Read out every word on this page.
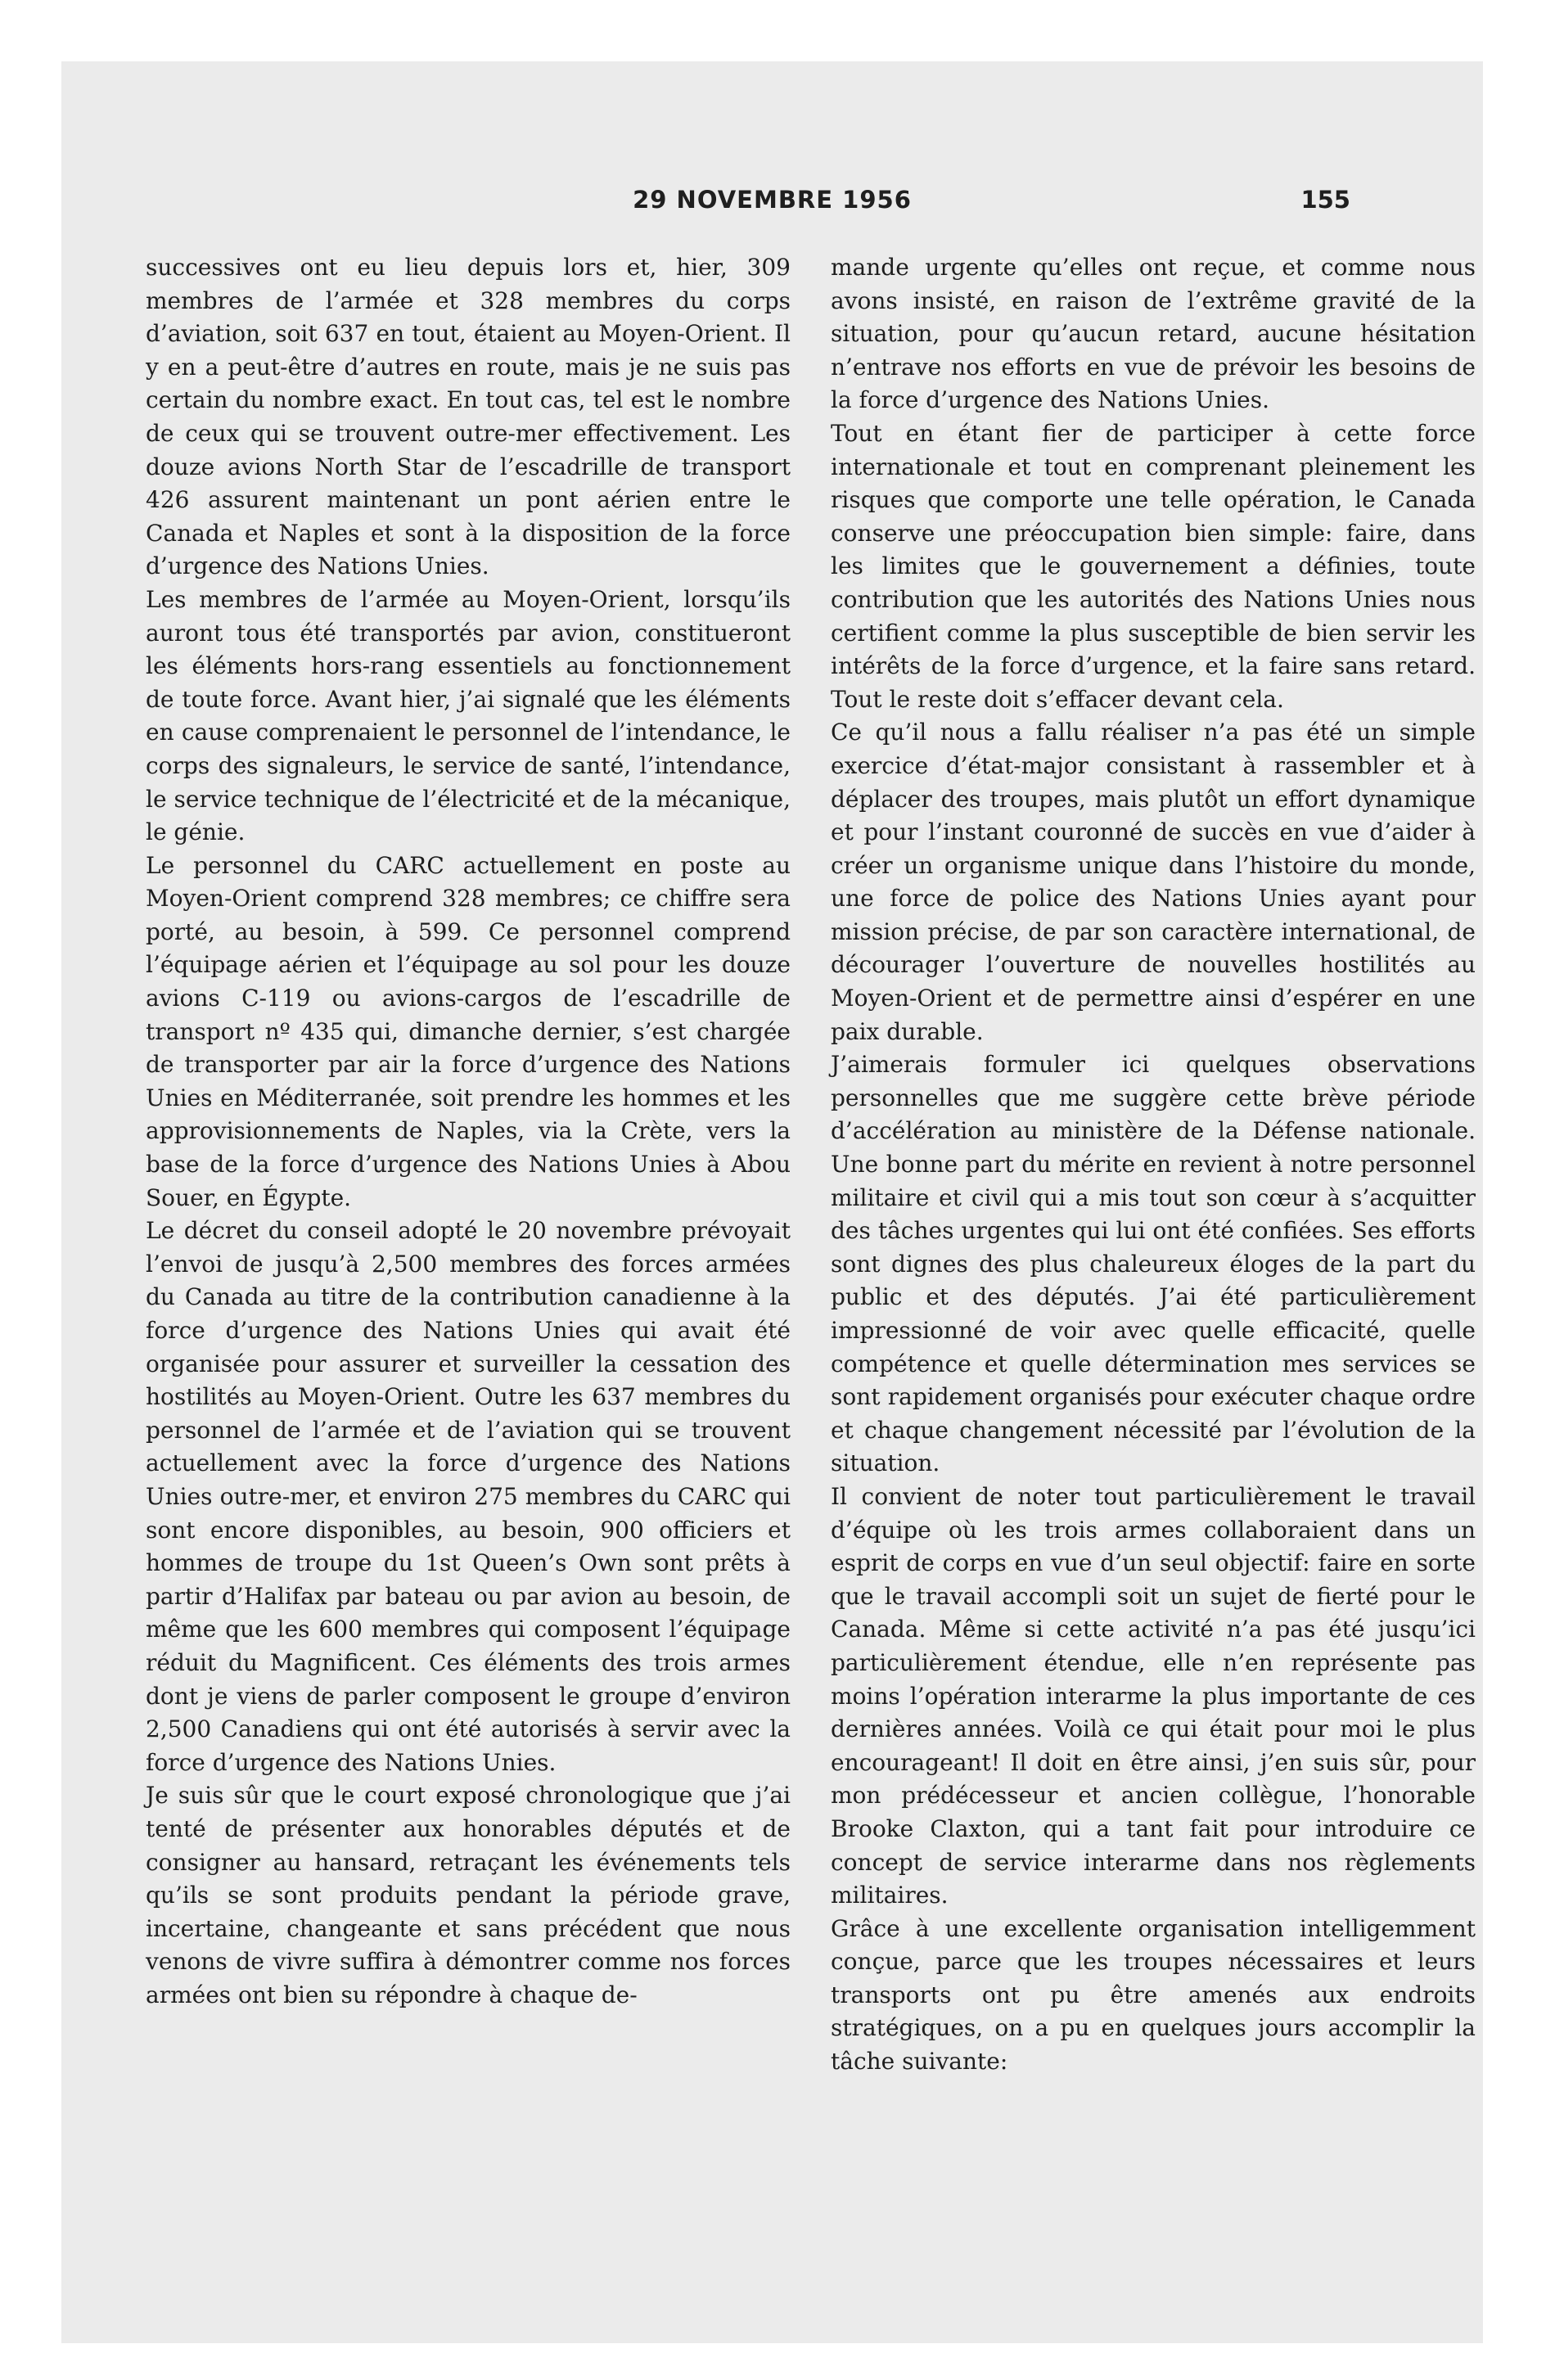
29 NOVEMBRE 1956	155

successives ont eu lieu depuis lors et, hier, 309 membres de l’armée et 328 membres du corps d’aviation, soit 637 en tout, étaient au Moyen-Orient. Il y en a peut-être d’autres en route, mais je ne suis pas certain du nombre exact. En tout cas, tel est le nombre de ceux qui se trouvent outre-mer effectivement. Les douze avions North Star de l’escadrille de transport 426 assurent maintenant un pont aérien entre le Canada et Naples et sont à la disposition de la force d’urgence des Nations Unies.

Les membres de l’armée au Moyen-Orient, lorsqu’ils auront tous été transportés par avion, constitueront les éléments hors-rang essentiels au fonctionnement de toute force. Avant hier, j’ai signalé que les éléments en cause comprenaient le personnel de l’intendance, le corps des signaleurs, le service de santé, l’intendance, le service technique de l’électricité et de la mécanique, le génie.

Le personnel du CARC actuellement en poste au Moyen-Orient comprend 328 membres; ce chiffre sera porté, au besoin, à 599. Ce personnel comprend l’équipage aérien et l’équipage au sol pour les douze avions C-119 ou avions-cargos de l’escadrille de transport nº 435 qui, dimanche dernier, s’est chargée de transporter par air la force d’urgence des Nations Unies en Méditerranée, soit prendre les hommes et les approvisionnements de Naples, via la Crète, vers la base de la force d’urgence des Nations Unies à Abou Souer, en Égypte.

Le décret du conseil adopté le 20 novembre prévoyait l’envoi de jusqu’à 2,500 membres des forces armées du Canada au titre de la contribution canadienne à la force d’urgence des Nations Unies qui avait été organisée pour assurer et surveiller la cessation des hostilités au Moyen-Orient. Outre les 637 membres du personnel de l’armée et de l’aviation qui se trouvent actuellement avec la force d’urgence des Nations Unies outre-mer, et environ 275 membres du CARC qui sont encore disponibles, au besoin, 900 officiers et hommes de troupe du 1st Queen’s Own sont prêts à partir d’Halifax par bateau ou par avion au besoin, de même que les 600 membres qui composent l’équipage réduit du Magnificent. Ces éléments des trois armes dont je viens de parler composent le groupe d’environ 2,500 Canadiens qui ont été autorisés à servir avec la force d’urgence des Nations Unies.

Je suis sûr que le court exposé chronologique que j’ai tenté de présenter aux honorables députés et de consigner au hansard, retraçant les événements tels qu’ils se sont produits pendant la période grave, incertaine, changeante et sans précédent que nous venons de vivre suffira à démontrer comme nos forces armées ont bien su répondre à chaque de-

mande urgente qu’elles ont reçue, et comme nous avons insisté, en raison de l’extrême gravité de la situation, pour qu’aucun retard, aucune hésitation n’entrave nos efforts en vue de prévoir les besoins de la force d’urgence des Nations Unies.

Tout en étant fier de participer à cette force internationale et tout en comprenant pleinement les risques que comporte une telle opération, le Canada conserve une préoccupation bien simple: faire, dans les limites que le gouvernement a définies, toute contribution que les autorités des Nations Unies nous certifient comme la plus susceptible de bien servir les intérêts de la force d’urgence, et la faire sans retard. Tout le reste doit s’effacer devant cela.

Ce qu’il nous a fallu réaliser n’a pas été un simple exercice d’état-major consistant à rassembler et à déplacer des troupes, mais plutôt un effort dynamique et pour l’instant couronné de succès en vue d’aider à créer un organisme unique dans l’histoire du monde, une force de police des Nations Unies ayant pour mission précise, de par son caractère international, de décourager l’ouverture de nouvelles hostilités au Moyen-Orient et de permettre ainsi d’espérer en une paix durable.

J’aimerais formuler ici quelques observations personnelles que me suggère cette brève période d’accélération au ministère de la Défense nationale. Une bonne part du mérite en revient à notre personnel militaire et civil qui a mis tout son cœur à s’acquitter des tâches urgentes qui lui ont été confiées. Ses efforts sont dignes des plus chaleureux éloges de la part du public et des députés. J’ai été particulièrement impressionné de voir avec quelle efficacité, quelle compétence et quelle détermination mes services se sont rapidement organisés pour exécuter chaque ordre et chaque changement nécessité par l’évolution de la situation.

Il convient de noter tout particulièrement le travail d’équipe où les trois armes collaboraient dans un esprit de corps en vue d’un seul objectif: faire en sorte que le travail accompli soit un sujet de fierté pour le Canada. Même si cette activité n’a pas été jusqu’ici particulièrement étendue, elle n’en représente pas moins l’opération interarme la plus importante de ces dernières années. Voilà ce qui était pour moi le plus encourageant! Il doit en être ainsi, j’en suis sûr, pour mon prédécesseur et ancien collègue, l’honorable Brooke Claxton, qui a tant fait pour introduire ce concept de service interarme dans nos règlements militaires.

Grâce à une excellente organisation intelligemment conçue, parce que les troupes nécessaires et leurs transports ont pu être amenés aux endroits stratégiques, on a pu en quelques jours accomplir la tâche suivante:
